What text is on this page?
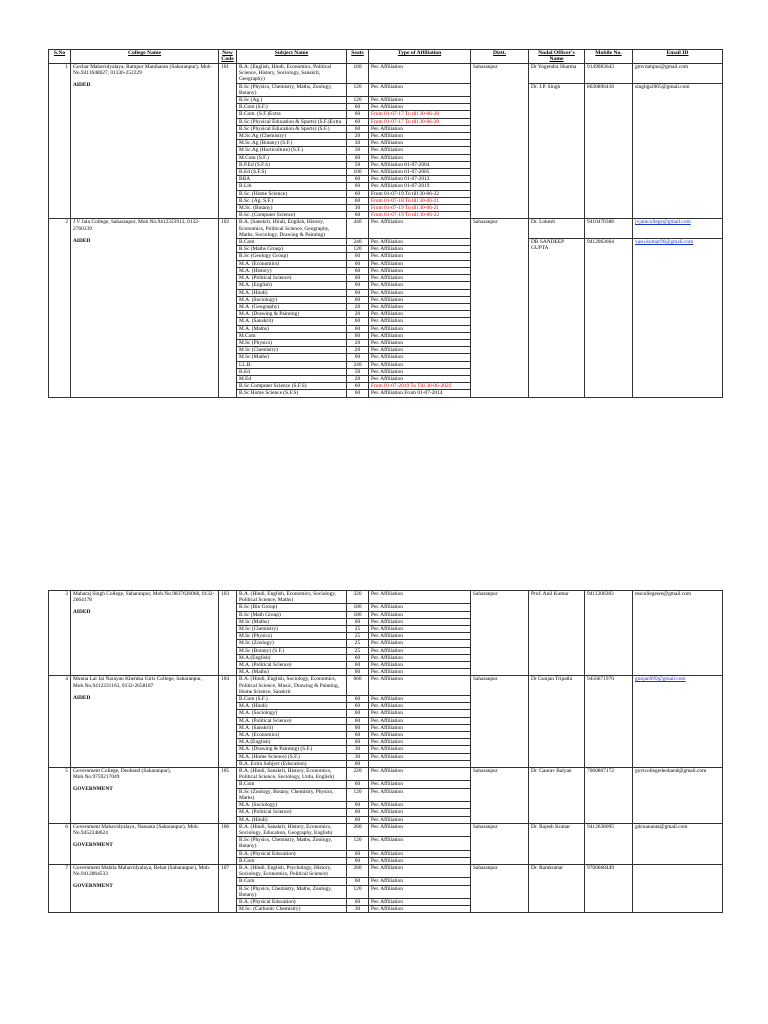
S.No	College Name	New Code	Subject Name	Seats	Type of Affiliation	Distt.	Nodal Officer's Name	Mobile No.	Email ID
1	Gochar Mahavidyalaya, Rampur Maniharan (Saharanpur), Mob No.9411648627, 01336-252229
AIDED	101	B.A. (English, Hindi, Economics, Political Science, History, Sociology, Sanskrit, Geography)	160	Per. Affiliation	Saharanpur	Dr Yogendra Sharma	9149083643	gmvrampur@gmail.com
			B.Sc (Physics, Chemistry, Maths, Zoology, Botany)	120	Per. Affiliation		Dr. J.P. Singh	8630896418	singhjp2005@gmail.com
			B.Sc (Ag.)	120	Per. Affiliation				
			B.Com (S.F.)	60	Per. Affiliation				
			B.Com. (S.F.)Extra	60	From 01-07-17 To till 30-06-20				
			B.Sc (Physical Education & Sports) (S.F.)Extra	60	From 01-07-17 To till 30-06-20				
			B.Sc (Physical Education & Sports) (S.F.)	60	Per. Affiliation				
			M.Sc.Ag (Chemistry)	20	Per. Affiliation				
			M.Sc.Ag (Botany) (S.F.)	30	Per. Affiliation				
			M.Sc.Ag (Horticulture) (S.F.)	30	Per. Affiliation				
			M.Com (S.F.)	60	Per. Affiliation				
			B.P.Ed (S.F.S)	50	Per. Affiliation 01-07-2004				
			B.Ed (S.F.S)	100	Per. Affiliation 01-07-2005				
			BBA	60	Per. Affiliation 01-07-2012				
			B.Lib	60	Per. Affiliation 01-07-2019				
			B.Sc. (Home Science)	60	From 01-07-19 To till 30-06-22				
			B.Sc. (Ag. S.F.)	60	From 01-07-18 To till 30-06-21				
			M.Sc. (Botany)	30	From 01-07-19 To till 30-06-21				
			B.Sc. (Computer Science)	60	From 01-07-19 To till 30-06-22				
2	J V Jain College, Saharanpur, Mob.No.9412323913, 0132-2760139
AIDED	102	B.A. (Sanskrit, Hindi, English, History, Economics, Political Science, Geography, Maths, Sociology, Drawing & Painting)	440	Per. Affiliation	Saharanpur	Dr. Lokesh	9410470388	jvjaincollege@gmail.com
			B.Com	240	Per. Affiliation		DR SANDEEP GUPTA	9412063664	vasu.kumar96@gmail.com
			B.Sc (Maths Group)	120	Per. Affiliation				
			B.Sc (Geology Group)	60	Per. Affiliation				
			M.A. (Economics)	60	Per. Affiliation				
			M.A. (History)	60	Per. Affiliation				
			M.A. (Political Science)	60	Per. Affiliation				
			M.A. (English)	60	Per. Affiliation				
			M.A. (Hindi)	60	Per. Affiliation				
			M.A. (Sociology)	60	Per. Affiliation				
			M.A. (Geography)	20	Per. Affiliation				
			M.A. (Drawing & Painting)	20	Per. Affiliation				
			M.A. (Sanskrit)	60	Per. Affiliation				
			M.A. (Maths)	60	Per. Affiliation				
			M.Com	60	Per. Affiliation				
			M.Sc (Physics)	20	Per. Affiliation				
			M.Sc (Chemistry)	20	Per. Affiliation				
			M.Sc (Maths)	60	Per. Affiliation				
			LL.B.	240	Per. Affiliation				
			B.Ed	50	Per. Affiliation				
			M.Ed	20	Per. Affiliation				
			B.Sc Computer Science (S.F.S)	60	From 01-07-2019 To Till 30-06-2022				
			B.Sc Home Science (S.F.S)	60	Per. Affiliation From 01-07-2014				
3	Maharaj Singh College, Saharanpur, Mob.No.9837636068, 0132-2664178
AIDED	103	B.A. (Hindi, English, Economics, Sociology, Political Science, Maths)	320	Per. Affiliation	Saharanpur	Prof. Anil Kumar	9411206383	mscollegesre@gmail.com
			B.Sc (Bio Group)	180	Per. Affiliation				
			B.Sc (Math Group)	180	Per. Affiliation				
			M.Sc (Maths)	60	Per. Affiliation				
			M.Sc (Chemistry)	25	Per. Affiliation				
			M.Sc (Physics)	25	Per. Affiliation				
			M.Sc (Zoology)	25	Per. Affiliation				
			M.Sc (Botany) (S.F.)	25	Per. Affiliation				
			M.A.(English)	60	Per. Affiliation				
			M.A. (Political Science)	60	Per. Affiliation				
			M.A. (Maths)	60	Per. Affiliation				
4	Munna Lal Jai Narayan Khemka Girls College, Saharanpur, Mob.No.9412231163, 0132-2658187
AIDED	104	B.A. (Hindi, English, Sociology, Economics, Political Science, Music, Drawing & Painting, Home Science, Sanskrit	660	Per. Affiliation	Saharanpur	Dr Gunjan Tripathi	9456671970	gunjan999@gmail.com
			B.Com (S.F.)	60	Per. Affiliation				
			M.A. (Hindi)	60	Per. Affiliation				
			M.A. (Sociology)	60	Per. Affiliation				
			M.A. (Political Science)	60	Per. Affiliation				
			M.A. (Sanskrit)	60	Per. Affiliation				
			M.A. (Economics)	60	Per. Affiliation				
			M.A.(English)	60	Per. Affiliation				
			M.A. (Drawing & Painting) (S.F.)	30	Per. Affiliation				
			M.A. (Home Science) (S.F.)	30	Per. Affiliation				
			B.A. Extra Subject (Education)	60					
5	Government College, Deoband (Saharanpur), Mob.No.9759217049
GOVERNMENT	105	B.A. (Hindi, Sanskrit, History, Economics, Political Science, Sociology, Urdu, English)	220	Per. Affiliation	Saharanpur	Dr. Gaurav Balyan	7060807172	govtcollegedeoband@gmail.com
			B.Com	60	Per. Affiliation				
			B.Sc (Zoology, Botany, Chemistry, Physics, Maths)	120	Per. Affiliation				
			M.A. (Sociology)	60	Per. Affiliation				
			M.A. (Political Science)	60	Per. Affiliation				
			M.A. (Hindi)	60	Per. Affiliation				
6	Government Mahavidyalaya, Nanauta (Saharanpur), Mob. No.9452248624
GOVERNMENT	106	B.A. (Hindi, Sanskrit, History, Economics, Sociology, Education, Geography, English)	280	Per. Affiliation	Saharanpur	Dr. Rajesh Kumar	9412638095	gdcnanauta@gmail.com
			B.Sc (Physics, Chemistry, Maths, Zoology, Botany)	120	Per. Affiliation				
			B.A. (Physical Education)	60	Per. Affiliation				
			B.Com	60	Per. Affiliation				
7	Government Mahila Mahavidyalaya, Behat (Saharanpur), Mob. No.9412864533
GOVERNMENT	107	B.A. (Hindi, English, Psychology, History, Sociology, Economics, Political Science)	280	Per. Affiliation	Saharanpur	Dr. Ramkumar	9760668449	
			B.Com	60	Per. Affiliation				
			B.Sc (Physics, Chemistry, Maths, Zoology, Botany)	120	Per. Affiliation				
			B.A. (Physical Education)	60	Per. Affiliation				
			M.Sc. (Carbonic Chemistry)	30	Per. Affiliation				
